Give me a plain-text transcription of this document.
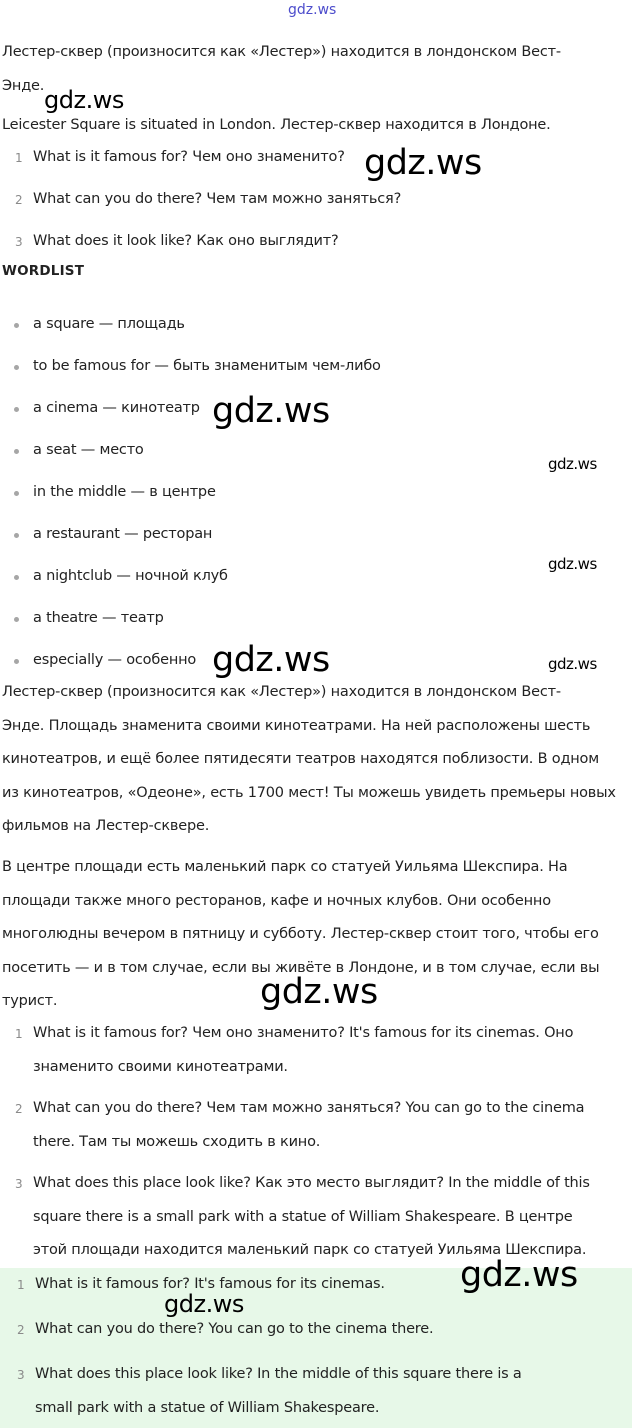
gdz.ws
Лестер-сквер (произносится как «Лестер») находится в лондонском Вест-
Энде.
Leicester Square is situated in London. Лестер-сквер находится в Лондоне.
1 What is it famous for? Чем оно знаменито?
2 What can you do there? Чем там можно заняться?
3 What does it look like? Как оно выглядит?
WORDLIST
a square — площадь
to be famous for — быть знаменитым чем-либо
a cinema — кинотеатр
a seat — место
in the middle — в центре
a restaurant — ресторан
a nightclub — ночной клуб
a theatre — театр
especially — особенно
Лестер-сквер (произносится как «Лестер») находится в лондонском Вест-
Энде. Площадь знаменита своими кинотеатрами. На ней расположены шесть
кинотеатров, и ещё более пятидесяти театров находятся поблизости. В одном
из кинотеатров, «Одеоне», есть 1700 мест! Ты можешь увидеть премьеры новых
фильмов на Лестер-сквере.
В центре площади есть маленький парк со статуей Уильяма Шекспира. На
площади также много ресторанов, кафе и ночных клубов. Они особенно
многолюдны вечером в пятницу и субботу. Лестер-сквер стоит того, чтобы его
посетить — и в том случае, если вы живёте в Лондоне, и в том случае, если вы
турист.
1 What is it famous for? Чем оно знаменито? It's famous for its cinemas. Оно
знаменито своими кинотеатрами.
2 What can you do there? Чем там можно заняться? You can go to the cinema
there. Там ты можешь сходить в кино.
3 What does this place look like? Как это место выглядит? In the middle of this
square there is a small park with a statue of William Shakespeare. В центре
этой площади находится маленький парк со статуей Уильяма Шекспира.
1 What is it famous for? It's famous for its cinemas.
2 What can you do there? You can go to the cinema there.
3 What does this place look like? In the middle of this square there is a
small park with a statue of William Shakespeare.
gdz.ws
gdz.ws
gdz.ws
gdz.ws
gdz.ws
gdz.ws	gdz.ws
gdz.ws
gdz.ws
gdz.ws
